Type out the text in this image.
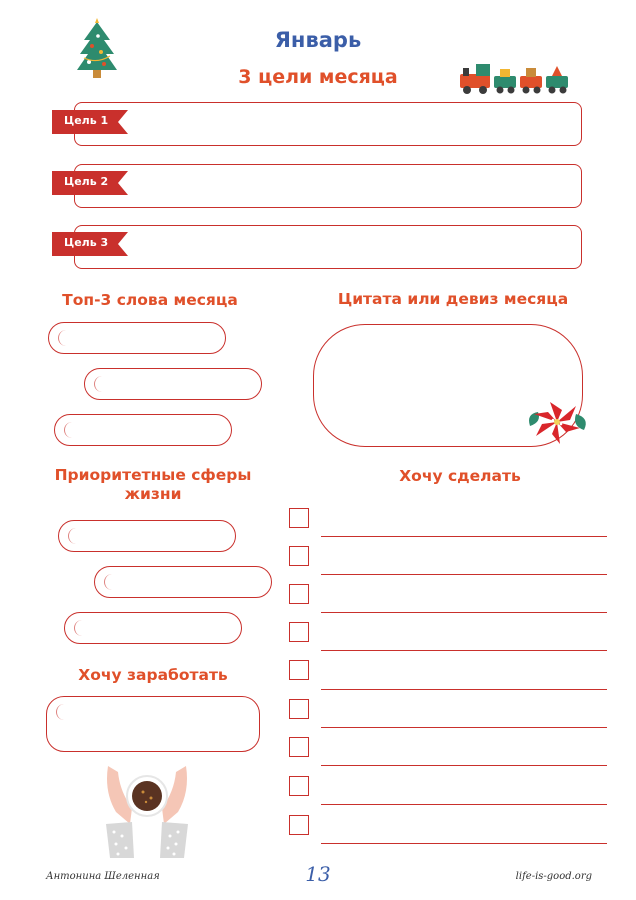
Январь
3 цели месяца
Цель 1
Цель 2
Цель 3
Топ-3 слова месяца	Цитата или девиз месяца
Приоритетные сферы жизни
Хочу заработать
Хочу сделать
Антонина Шеленная	13	life-is-good.org
